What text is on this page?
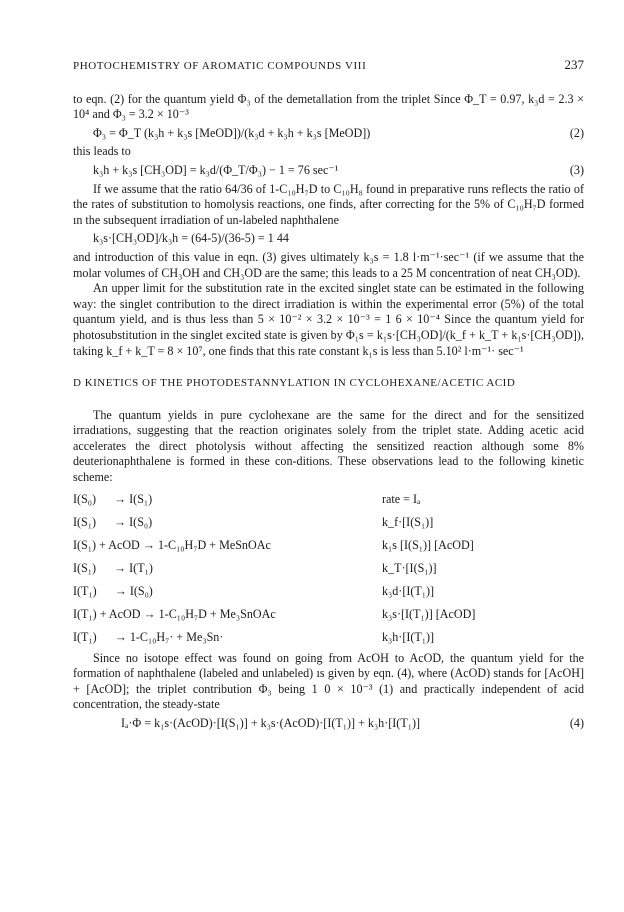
PHOTOCHEMISTRY OF AROMATIC COMPOUNDS VIII	237

to eqn. (2) for the quantum yield Φ₃ of the demetallation from the triplet Since Φ_T = 0.97, k₃d = 2.3 × 10⁴ and Φ₃ = 3.2 × 10⁻³

Φ₃ = Φ_T (k₃h + k₃s [MeOD])/(k₃d + k₃h + k₃s [MeOD])	(2)

this leads to

k₃h + k₃s [CH₃OD] = k₃d/(Φ_T/Φ₃) − 1 = 76 sec⁻¹	(3)

If we assume that the ratio 64/36 of 1-C₁₀H₇D to C₁₀H₈ found in preparative runs reflects the ratio of the rates of substitution to homolysis reactions, one finds, after correcting for the 5% of C₁₀H₇D formed ın the subsequent irradiation of un-labeled naphthalene

k₃s·[CH₃OD]/k₃h = (64-5)/(36-5) = 1 44

and introduction of this value in eqn. (3) gives ultimately k₃s = 1.8 l·m⁻¹·sec⁻¹ (if we assume that the molar volumes of CH₃OH and CH₃OD are the same; this leads to a 25 M concentration of neat CH₃OD).

An upper limit for the substitution rate in the excited singlet state can be estimated in the following way: the singlet contribution to the direct irradiation is within the experimental error (5%) of the total quantum yield, and is thus less than 5 × 10⁻² × 3.2 × 10⁻³ = 1 6 × 10⁻⁴ Since the quantum yield for photosubstitution in the singlet excited state is given by Φ₁s = k₁s·[CH₃OD]/(k_f + k_T + k₁s·[CH₃OD]), taking k_f + k_T = 8 × 10⁷, one finds that this rate constant k₁s is less than 5.10² l·m⁻¹· sec⁻¹

D KINETICS OF THE PHOTODESTANNYLATION IN CYCLOHEXANE/ACETIC ACID

The quantum yields in pure cyclohexane are the same for the direct and for the sensitized irradıations, suggesting that the reaction originates solely from the triplet state. Adding acetic acid accelerates the direct photolysis without affecting the sensitized reaction although some 8% deuterionaphthalene is formed in these con-ditions. These observations lead to the following kinetic scheme:

I(S₀) → I(S₁)	rate = Iₐ
I(S₁) → I(S₀)	k_f·[I(S₁)]
I(S₁) + AcOD → 1-C₁₀H₇D + MeSnOAc	k₁s [I(S₁)] [AcOD]
I(S₁) → I(T₁)	k_T·[I(S₁)]
I(T₁) → I(S₀)	k₃d·[I(T₁)]
I(T₁) + AcOD → 1-C₁₀H₇D + Me₃SnOAc	k₃s·[I(T₁)] [AcOD]
I(T₁) → 1-C₁₀H₇· + Me₃Sn·	k₃h·[I(T₁)]

Since no isotope effect was found on going from AcOH to AcOD, the quantum yield for the formation of naphthalene (labeled and unlabeled) ıs given by eqn. (4), where (AcOD) stands for [AcOH] + [AcOD]; the triplet contribution Φ₃ being 1 0 × 10⁻³ (1) and practically independent of acid concentration, the steady-state

Iₐ·Φ = k₁s·(AcOD)·[I(S₁)] + k₃s·(AcOD)·[I(T₁)] + k₃h·[I(T₁)]	(4)
